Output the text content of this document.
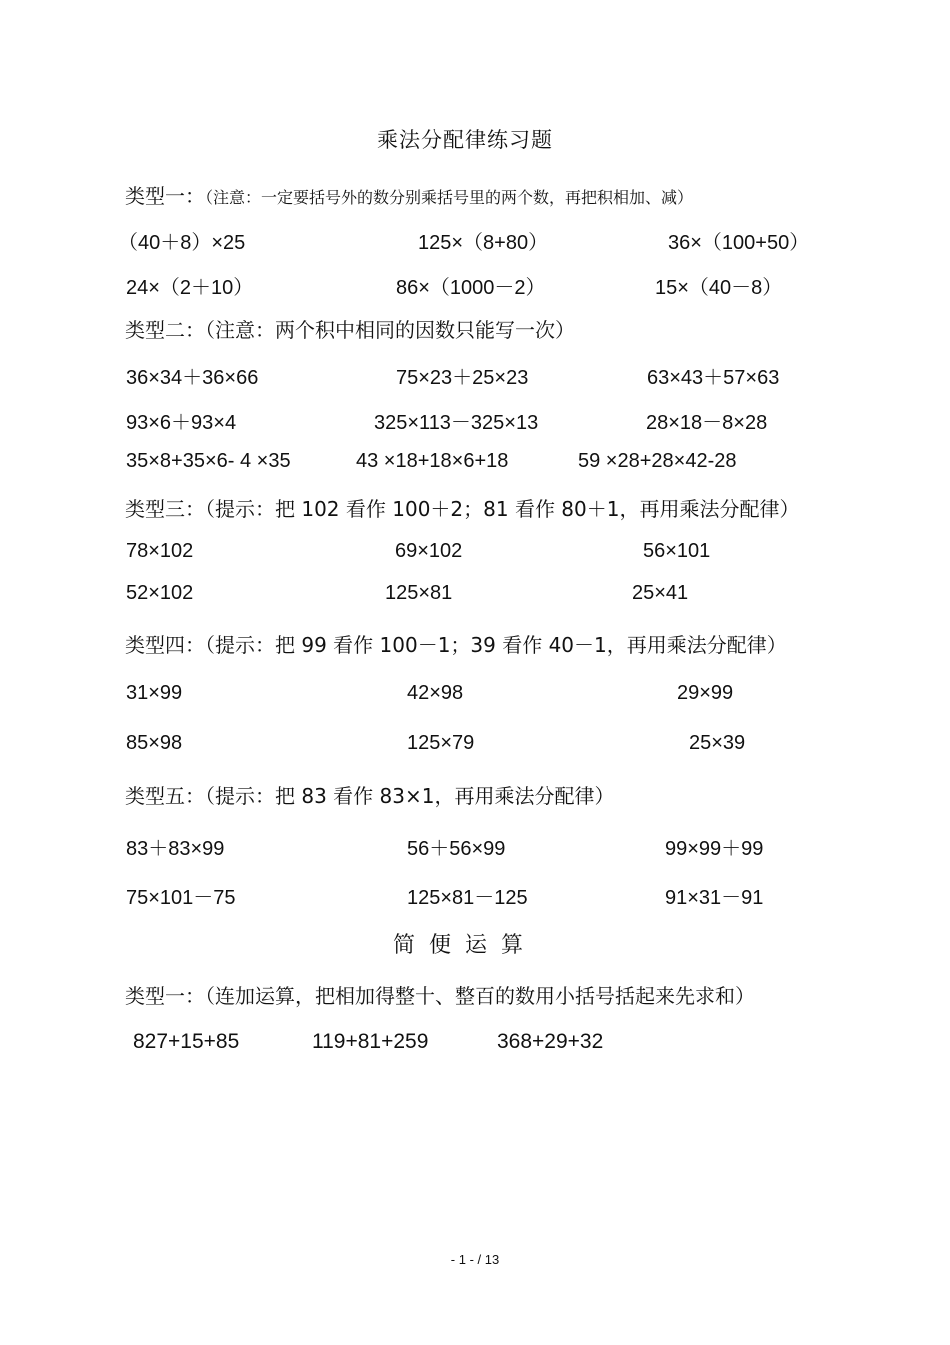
乘法分配律练习题
类型一：（注意：一定要括号外的数分别乘括号里的两个数，再把积相加、减）
（40＋8）×25	125×（8+80）	36×（100+50）
24×（2＋10）	86×（1000－2）	15×（40－8）
类型二：（注意：两个积中相同的因数只能写一次）
36×34＋36×66	75×23＋25×23	63×43＋57×63
93×6＋93×4	325×113－325×13	28×18－8×28
35×8+35×6- 4 ×35	43 ×18+18×6+18	59 ×28+28×42-28
类型三：（提示：把 102 看作 100＋2；81 看作 80＋1，再用乘法分配律）
78×102	69×102	56×101
52×102	125×81	25×41
类型四：（提示：把 99 看作 100－1；39 看作 40－1，再用乘法分配律）
31×99	42×98	29×99
85×98	125×79	25×39
类型五：（提示：把 83 看作 83×1，再用乘法分配律）
83＋83×99	56＋56×99	99×99＋99
75×101－75	125×81－125	91×31－91
简便运算
类型一：（连加运算，把相加得整十、整百的数用小括号括起来先求和）
827+15+85	119+81+259	368+29+32
- 1 - / 13
